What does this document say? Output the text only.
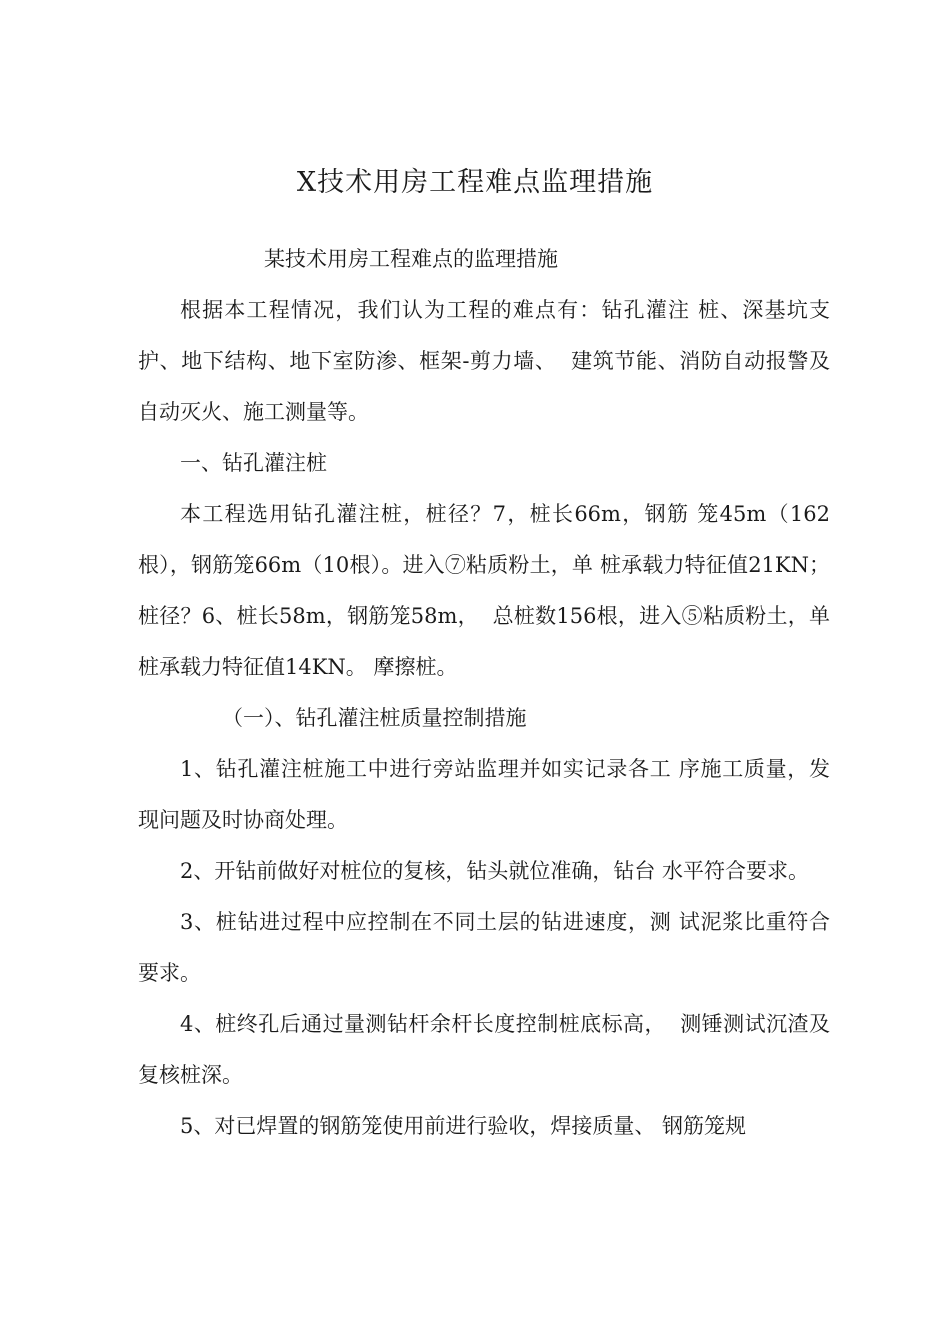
X技术用房工程难点监理措施

某技术用房工程难点的监理措施

根据本工程情况，我们认为工程的难点有：钻孔灌注 桩、深基坑支护、地下结构、地下室防渗、框架-剪力墙、  建筑节能、消防自动报警及自动灭火、施工测量等。

一、钻孔灌注桩

本工程选用钻孔灌注桩，桩径？7，桩长66m，钢筋 笼45m（162根），钢筋笼66m（10根）。进入⑦粘质粉土，单 桩承载力特征值21KN；桩径？6、桩长58m，钢筋笼58m，  总桩数156根，进入⑤粘质粉土，单桩承载力特征值14KN。 摩擦桩。

（一）、钻孔灌注桩质量控制措施

1、钻孔灌注桩施工中进行旁站监理并如实记录各工 序施工质量，发现问题及时协商处理。

2、开钻前做好对桩位的复核，钻头就位准确，钻台 水平符合要求。

3、桩钻进过程中应控制在不同土层的钻进速度，测 试泥浆比重符合要求。

4、桩终孔后通过量测钻杆余杆长度控制桩底标高，  测锤测试沉渣及复核桩深。

5、对已焊置的钢筋笼使用前进行验收，焊接质量、 钢筋笼规
